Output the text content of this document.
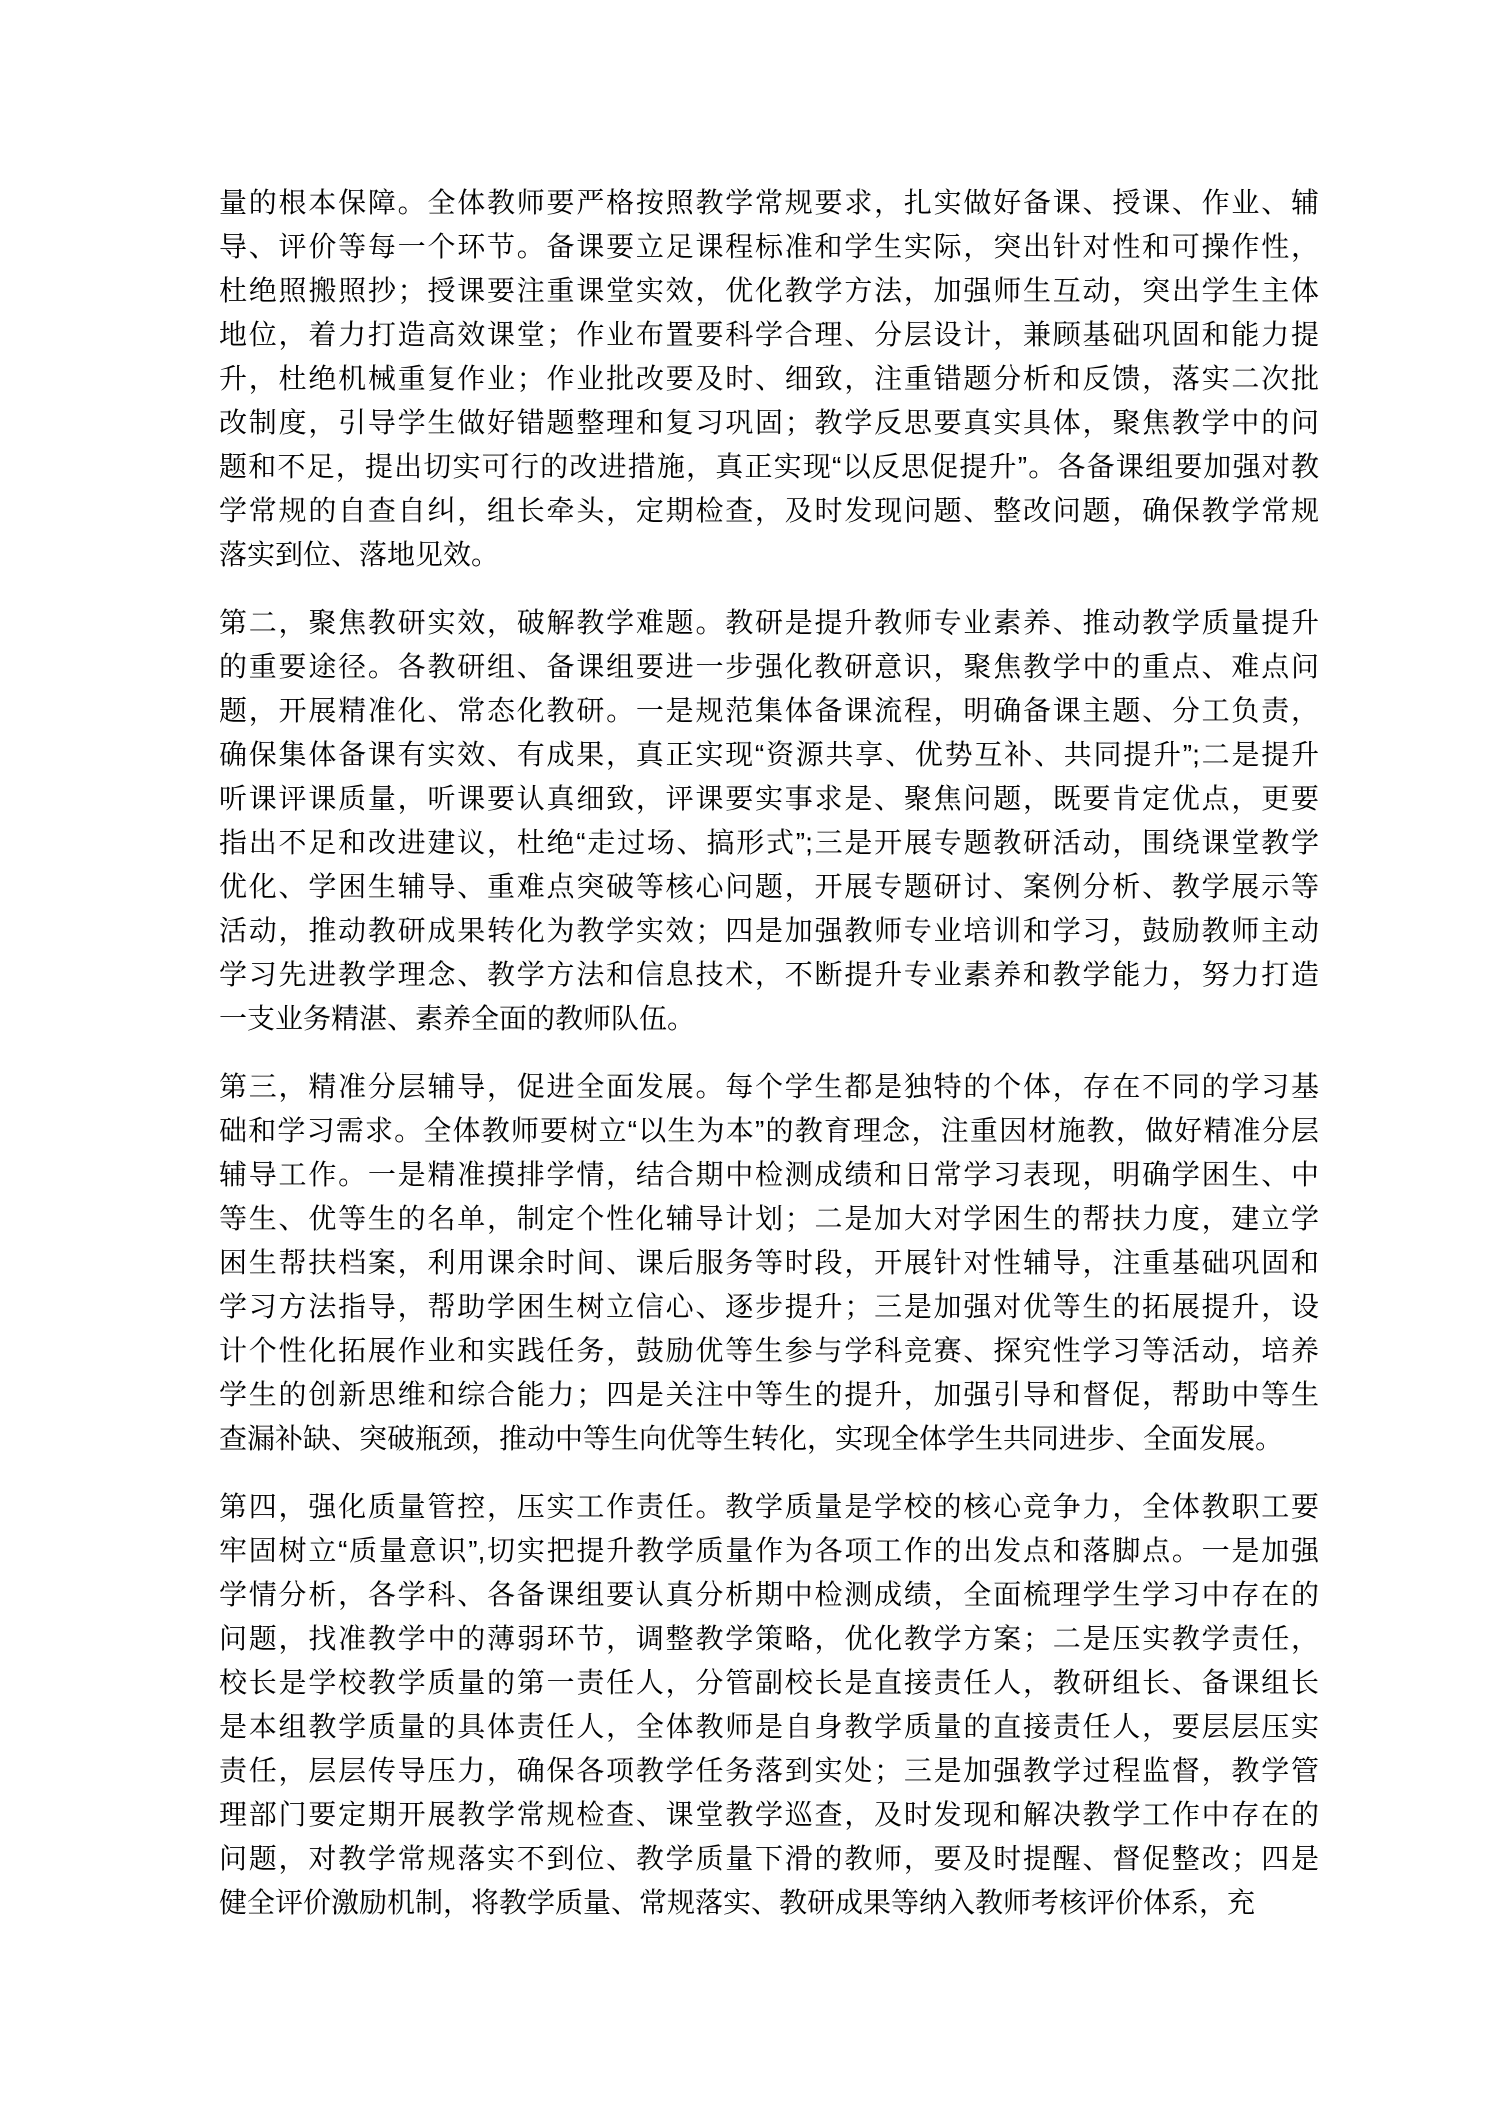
量的根本保障。全体教师要严格按照教学常规要求，扎实做好备课、授课、作业、辅
导、评价等每一个环节。备课要立足课程标准和学生实际，突出针对性和可操作性，
杜绝照搬照抄；授课要注重课堂实效，优化教学方法，加强师生互动，突出学生主体
地位，着力打造高效课堂；作业布置要科学合理、分层设计，兼顾基础巩固和能力提
升，杜绝机械重复作业；作业批改要及时、细致，注重错题分析和反馈，落实二次批
改制度，引导学生做好错题整理和复习巩固；教学反思要真实具体，聚焦教学中的问
题和不足，提出切实可行的改进措施，真正实现“以反思促提升”。各备课组要加强对教
学常规的自查自纠，组长牵头，定期检查，及时发现问题、整改问题，确保教学常规
落实到位、落地见效。
第二，聚焦教研实效，破解教学难题。教研是提升教师专业素养、推动教学质量提升
的重要途径。各教研组、备课组要进一步强化教研意识，聚焦教学中的重点、难点问
题，开展精准化、常态化教研。一是规范集体备课流程，明确备课主题、分工负责，
确保集体备课有实效、有成果，真正实现“资源共享、优势互补、共同提升”;二是提升
听课评课质量，听课要认真细致，评课要实事求是、聚焦问题，既要肯定优点，更要
指出不足和改进建议，杜绝“走过场、搞形式”;三是开展专题教研活动，围绕课堂教学
优化、学困生辅导、重难点突破等核心问题，开展专题研讨、案例分析、教学展示等
活动，推动教研成果转化为教学实效；四是加强教师专业培训和学习，鼓励教师主动
学习先进教学理念、教学方法和信息技术，不断提升专业素养和教学能力，努力打造
一支业务精湛、素养全面的教师队伍。
第三，精准分层辅导，促进全面发展。每个学生都是独特的个体，存在不同的学习基
础和学习需求。全体教师要树立“以生为本”的教育理念，注重因材施教，做好精准分层
辅导工作。一是精准摸排学情，结合期中检测成绩和日常学习表现，明确学困生、中
等生、优等生的名单，制定个性化辅导计划；二是加大对学困生的帮扶力度，建立学
困生帮扶档案，利用课余时间、课后服务等时段，开展针对性辅导，注重基础巩固和
学习方法指导，帮助学困生树立信心、逐步提升；三是加强对优等生的拓展提升，设
计个性化拓展作业和实践任务，鼓励优等生参与学科竞赛、探究性学习等活动，培养
学生的创新思维和综合能力；四是关注中等生的提升，加强引导和督促，帮助中等生
查漏补缺、突破瓶颈，推动中等生向优等生转化，实现全体学生共同进步、全面发展。
第四，强化质量管控，压实工作责任。教学质量是学校的核心竞争力，全体教职工要
牢固树立“质量意识”,切实把提升教学质量作为各项工作的出发点和落脚点。一是加强
学情分析，各学科、各备课组要认真分析期中检测成绩，全面梳理学生学习中存在的
问题，找准教学中的薄弱环节，调整教学策略，优化教学方案；二是压实教学责任，
校长是学校教学质量的第一责任人，分管副校长是直接责任人，教研组长、备课组长
是本组教学质量的具体责任人，全体教师是自身教学质量的直接责任人，要层层压实
责任，层层传导压力，确保各项教学任务落到实处；三是加强教学过程监督，教学管
理部门要定期开展教学常规检查、课堂教学巡查，及时发现和解决教学工作中存在的
问题，对教学常规落实不到位、教学质量下滑的教师，要及时提醒、督促整改；四是
健全评价激励机制，将教学质量、常规落实、教研成果等纳入教师考核评价体系，充
